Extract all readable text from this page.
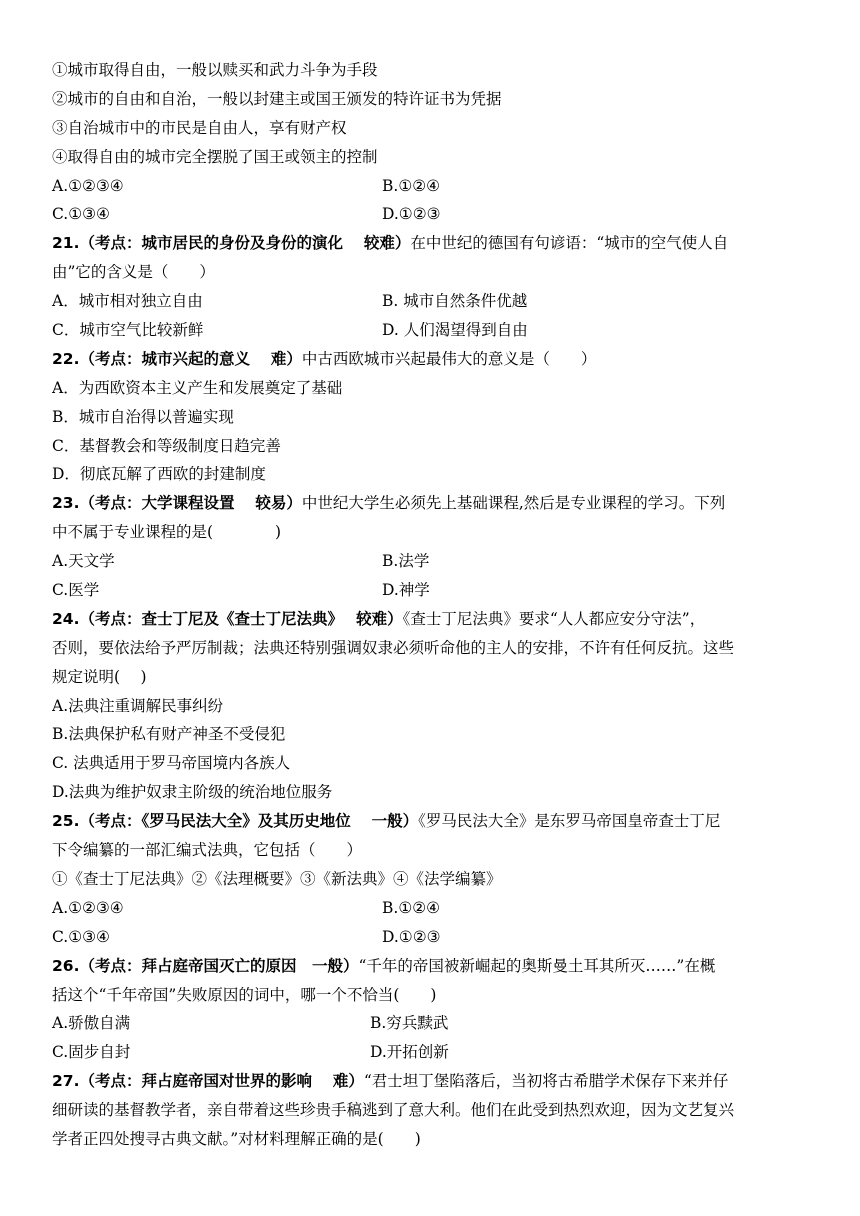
①城市取得自由，一般以赎买和武力斗争为手段
②城市的自由和自治，一般以封建主或国王颁发的特许证书为凭据
③自治城市中的市民是自由人，享有财产权
④取得自由的城市完全摆脱了国王或领主的控制
A.①②③④	B.①②④
C.①③④	D.①②③
21.（考点：城市居民的身份及身份的演化　 较难）在中世纪的德国有句谚语：“城市的空气使人自
由”它的含义是（　　）
A．城市相对独立自由	B. 城市自然条件优越
C．城市空气比较新鲜	D. 人们渴望得到自由
22.（考点：城市兴起的意义　 难）中古西欧城市兴起最伟大的意义是（　　）
A．为西欧资本主义产生和发展奠定了基础
B．城市自治得以普遍实现
C．基督教会和等级制度日趋完善
D．彻底瓦解了西欧的封建制度
23.（考点：大学课程设置　 较易）中世纪大学生必须先上基础课程,然后是专业课程的学习。下列
中不属于专业课程的是(　　　　)
A.天文学	B.法学
C.医学	D.神学
24.（考点：查士丁尼及《查士丁尼法典》　 较难）《查士丁尼法典》要求“人人都应安分守法”，
否则，要依法给予严厉制裁；法典还特别强调奴隶必须听命他的主人的安排，不许有任何反抗。这些
规定说明(　 )
A.法典注重调解民事纠纷
B.法典保护私有财产神圣不受侵犯
C. 法典适用于罗马帝国境内各族人
D.法典为维护奴隶主阶级的统治地位服务
25.（考点：《罗马民法大全》及其历史地位　 一般）《罗马民法大全》是东罗马帝国皇帝查士丁尼
下令编纂的一部汇编式法典，它包括（　　）
①《查士丁尼法典》②《法理概要》③《新法典》④《法学编纂》
A.①②③④	B.①②④
C.①③④	D.①②③
26.（考点：拜占庭帝国灭亡的原因　一般）“千年的帝国被新崛起的奥斯曼土耳其所灭……”在概
括这个“千年帝国”失败原因的词中，哪一个不恰当(　　)
A.骄傲自满	B.穷兵黩武
C.固步自封	D.开拓创新
27.（考点：拜占庭帝国对世界的影响　 难）“君士坦丁堡陷落后，当初将古希腊学术保存下来并仔
细研读的基督教学者，亲自带着这些珍贵手稿逃到了意大利。他们在此受到热烈欢迎，因为文艺复兴
学者正四处搜寻古典文献。”对材料理解正确的是(　　)
